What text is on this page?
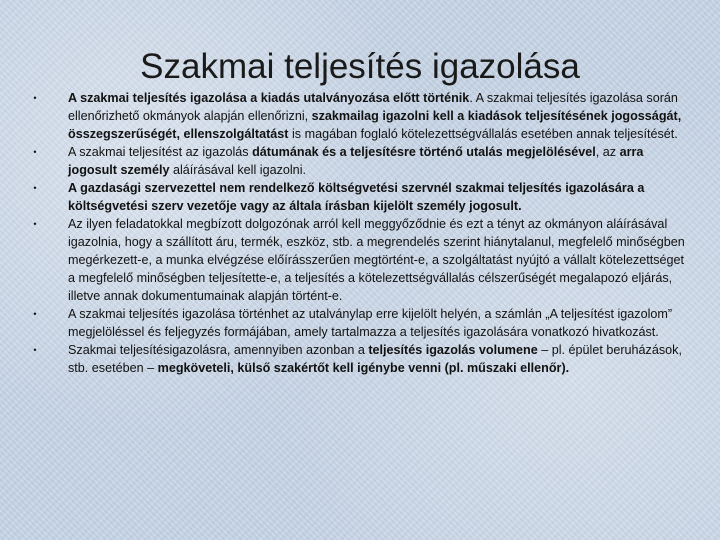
Szakmai teljesítés igazolása
• A szakmai teljesítés igazolása a kiadás utalványozása előtt történik. A szakmai teljesítés igazolása során ellenőrizhető okmányok alapján ellenőrizni, szakmailag igazolni kell a kiadások teljesítésének jogosságát, összegszerűségét, ellenszolgáltatást is magában foglaló kötelezettségvállalás esetében annak teljesítését.
• A szakmai teljesítést az igazolás dátumának és a teljesítésre történő utalás megjelölésével, az arra jogosult személy aláírásával kell igazolni.
• A gazdasági szervezettel nem rendelkező költségvetési szervnél szakmai teljesítés igazolására a költségvetési szerv vezetője vagy az általa írásban kijelölt személy jogosult.
• Az ilyen feladatokkal megbízott dolgozónak arról kell meggyőződnie és ezt a tényt az okmányon aláírásával igazolnia, hogy a szállított áru, termék, eszköz, stb. a megrendelés szerint hiánytalanul, megfelelő minőségben megérkezett-e, a munka elvégzése előírásszerűen megtörtént-e, a szolgáltatást nyújtó a vállalt kötelezettséget a megfelelő minőségben teljesítette-e, a teljesítés a kötelezettségvállalás célszerűségét megalapozó eljárás, illetve annak dokumentumainak alapján történt-e.
• A szakmai teljesítés igazolása történhet az utalványlap erre kijelölt helyén, a számlán „A teljesítést igazolom” megjelöléssel és feljegyzés formájában, amely tartalmazza a teljesítés igazolására vonatkozó hivatkozást.
• Szakmai teljesítésigazolásra, amennyiben azonban a teljesítés igazolás volumene – pl. épület beruházások, stb. esetében – megköveteli, külső szakértőt kell igénybe venni (pl. műszaki ellenőr).
